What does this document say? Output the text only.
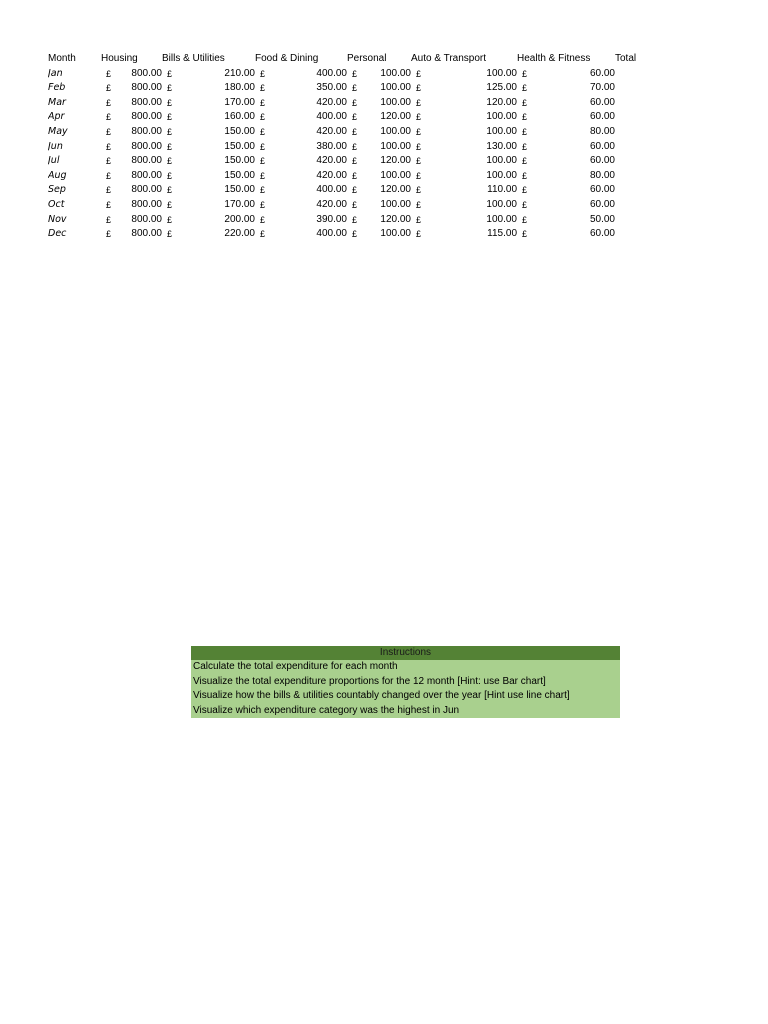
Month	Housing		Bills & Utilities		Food & Dining		Personal		Auto & Transport		Health & Fitness		Total
Jan	£	800.00	£	210.00	£	400.00	£	100.00	£	100.00	£	60.00	
Feb	£	800.00	£	180.00	£	350.00	£	100.00	£	125.00	£	70.00	
Mar	£	800.00	£	170.00	£	420.00	£	100.00	£	120.00	£	60.00	
Apr	£	800.00	£	160.00	£	400.00	£	120.00	£	100.00	£	60.00	
May	£	800.00	£	150.00	£	420.00	£	100.00	£	100.00	£	80.00	
Jun	£	800.00	£	150.00	£	380.00	£	100.00	£	130.00	£	60.00	
Jul	£	800.00	£	150.00	£	420.00	£	120.00	£	100.00	£	60.00	
Aug	£	800.00	£	150.00	£	420.00	£	100.00	£	100.00	£	80.00	
Sep	£	800.00	£	150.00	£	400.00	£	120.00	£	110.00	£	60.00	
Oct	£	800.00	£	170.00	£	420.00	£	100.00	£	100.00	£	60.00	
Nov	£	800.00	£	200.00	£	390.00	£	120.00	£	100.00	£	50.00	
Dec	£	800.00	£	220.00	£	400.00	£	100.00	£	115.00	£	60.00	
Instructions
Calculate the total expenditure for each month
Visualize the total expenditure proportions for the 12 month [Hint: use Bar chart]
Visualize how the bills & utilities countably changed over the year [Hint use line chart]
Visualize which expenditure category was the highest in Jun
